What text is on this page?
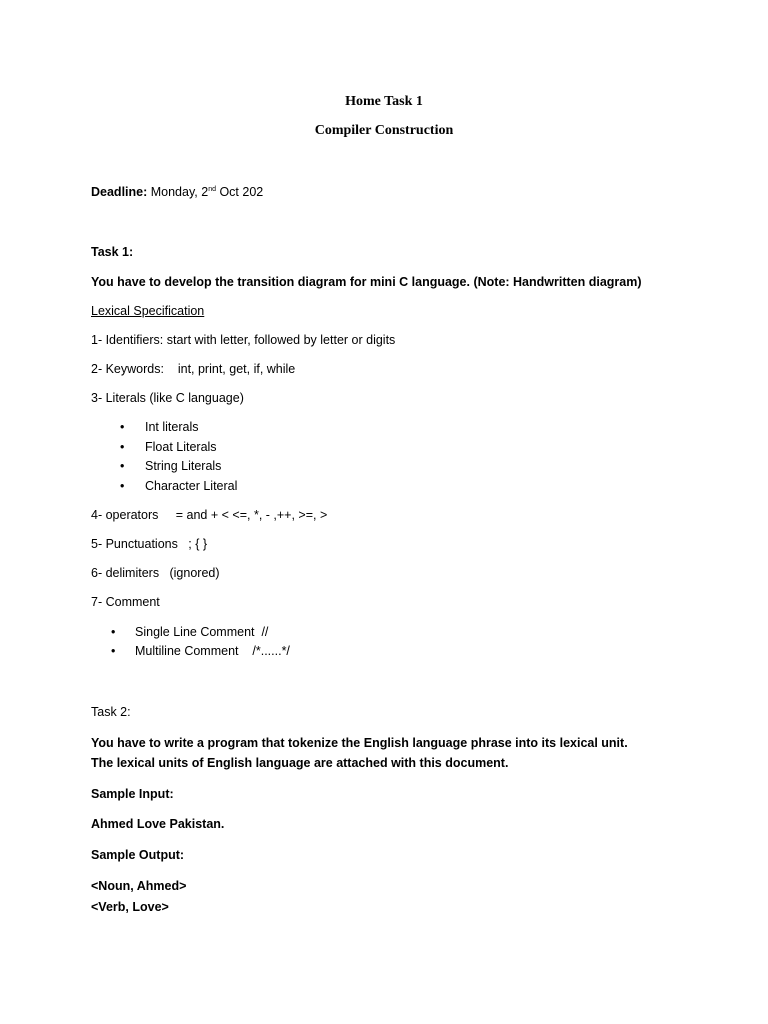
Home Task 1
Compiler Construction
Deadline: Monday, 2nd Oct 202
Task 1:
You have to develop the transition diagram for mini C language. (Note: Handwritten diagram)
Lexical Specification
1- Identifiers: start with letter, followed by letter or digits
2- Keywords:    int, print, get, if, while
3- Literals (like C language)
• Int literals
• Float Literals
• String Literals
• Character Literal
4- operators     = and + < <=, *, - ,++, >=, >
5- Punctuations   ; { }
6- delimiters   (ignored)
7- Comment
• Single Line Comment  //
• Multiline Comment    /*......*/
Task 2:
You have to write a program that tokenize the English language phrase into its lexical unit.
The lexical units of English language are attached with this document.
Sample Input:
Ahmed Love Pakistan.
Sample Output:
<Noun, Ahmed>
<Verb, Love>
